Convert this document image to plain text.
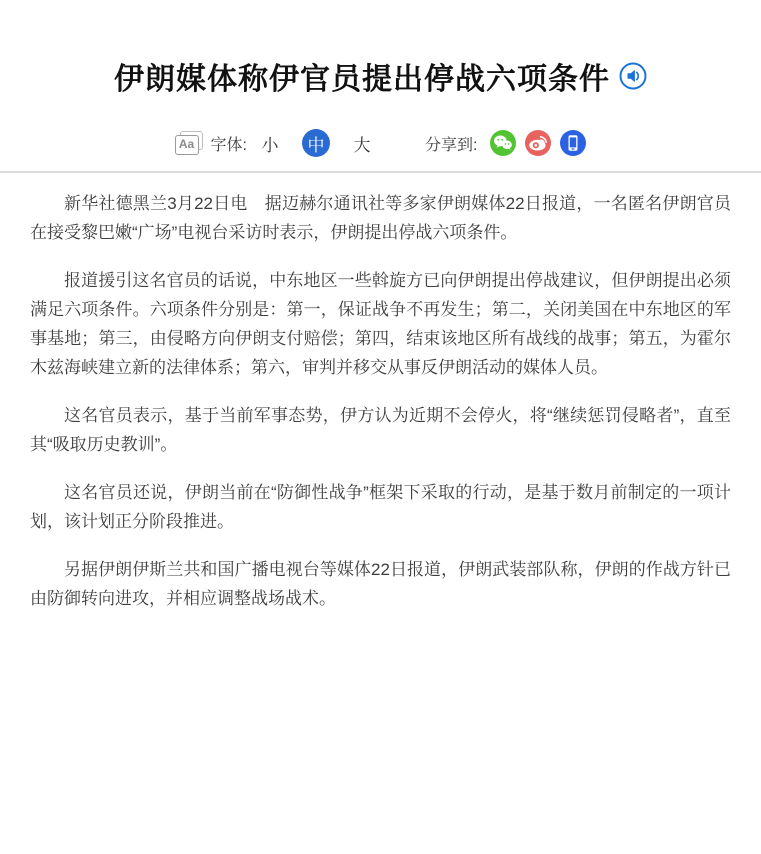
伊朗媒体称伊官员提出停战六项条件
Aa 字体: 小	中	大	分享到:

新华社德黑兰3月22日电　据迈赫尔通讯社等多家伊朗媒体22日报道，一名匿名伊朗官员在接受黎巴嫩“广场”电视台采访时表示，伊朗提出停战六项条件。

报道援引这名官员的话说，中东地区一些斡旋方已向伊朗提出停战建议，但伊朗提出必须满足六项条件。六项条件分别是：第一，保证战争不再发生；第二，关闭美国在中东地区的军事基地；第三，由侵略方向伊朗支付赔偿；第四，结束该地区所有战线的战事；第五，为霍尔木兹海峡建立新的法律体系；第六，审判并移交从事反伊朗活动的媒体人员。

这名官员表示，基于当前军事态势，伊方认为近期不会停火，将“继续惩罚侵略者”，直至其“吸取历史教训”。

这名官员还说，伊朗当前在“防御性战争”框架下采取的行动，是基于数月前制定的一项计划，该计划正分阶段推进。

另据伊朗伊斯兰共和国广播电视台等媒体22日报道，伊朗武装部队称，伊朗的作战方针已由防御转向进攻，并相应调整战场战术。
